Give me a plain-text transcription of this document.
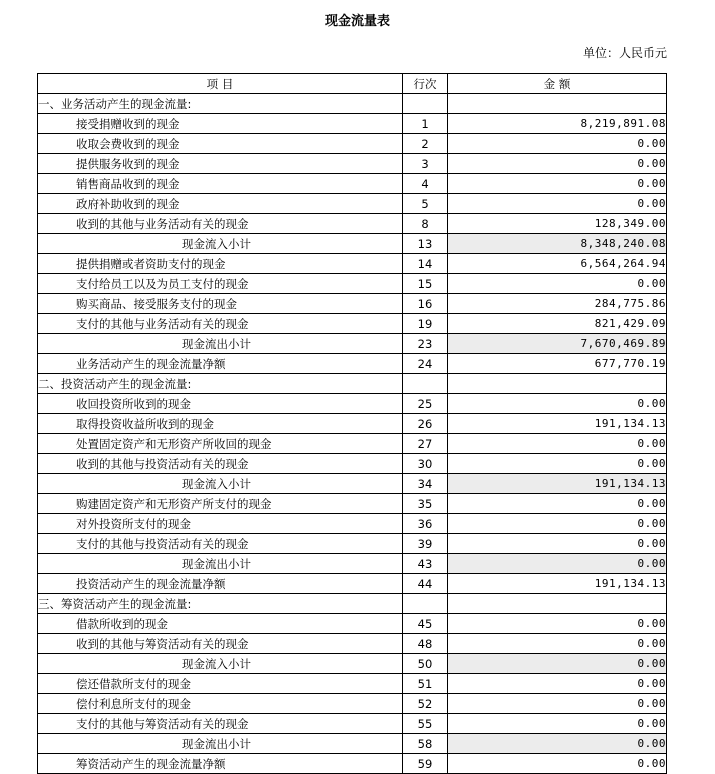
现金流量表
单位：人民币元
项 目	行次	金 额
一、业务活动产生的现金流量:		
接受捐赠收到的现金	1	8,219,891.08
收取会费收到的现金	2	0.00
提供服务收到的现金	3	0.00
销售商品收到的现金	4	0.00
政府补助收到的现金	5	0.00
收到的其他与业务活动有关的现金	8	128,349.00
现金流入小计	13	8,348,240.08
提供捐赠或者资助支付的现金	14	6,564,264.94
支付给员工以及为员工支付的现金	15	0.00
购买商品、接受服务支付的现金	16	284,775.86
支付的其他与业务活动有关的现金	19	821,429.09
现金流出小计	23	7,670,469.89
业务活动产生的现金流量净额	24	677,770.19
二、投资活动产生的现金流量:		
收回投资所收到的现金	25	0.00
取得投资收益所收到的现金	26	191,134.13
处置固定资产和无形资产所收回的现金	27	0.00
收到的其他与投资活动有关的现金	30	0.00
现金流入小计	34	191,134.13
购建固定资产和无形资产所支付的现金	35	0.00
对外投资所支付的现金	36	0.00
支付的其他与投资活动有关的现金	39	0.00
现金流出小计	43	0.00
投资活动产生的现金流量净额	44	191,134.13
三、筹资活动产生的现金流量:		
借款所收到的现金	45	0.00
收到的其他与筹资活动有关的现金	48	0.00
现金流入小计	50	0.00
偿还借款所支付的现金	51	0.00
偿付利息所支付的现金	52	0.00
支付的其他与筹资活动有关的现金	55	0.00
现金流出小计	58	0.00
筹资活动产生的现金流量净额	59	0.00
